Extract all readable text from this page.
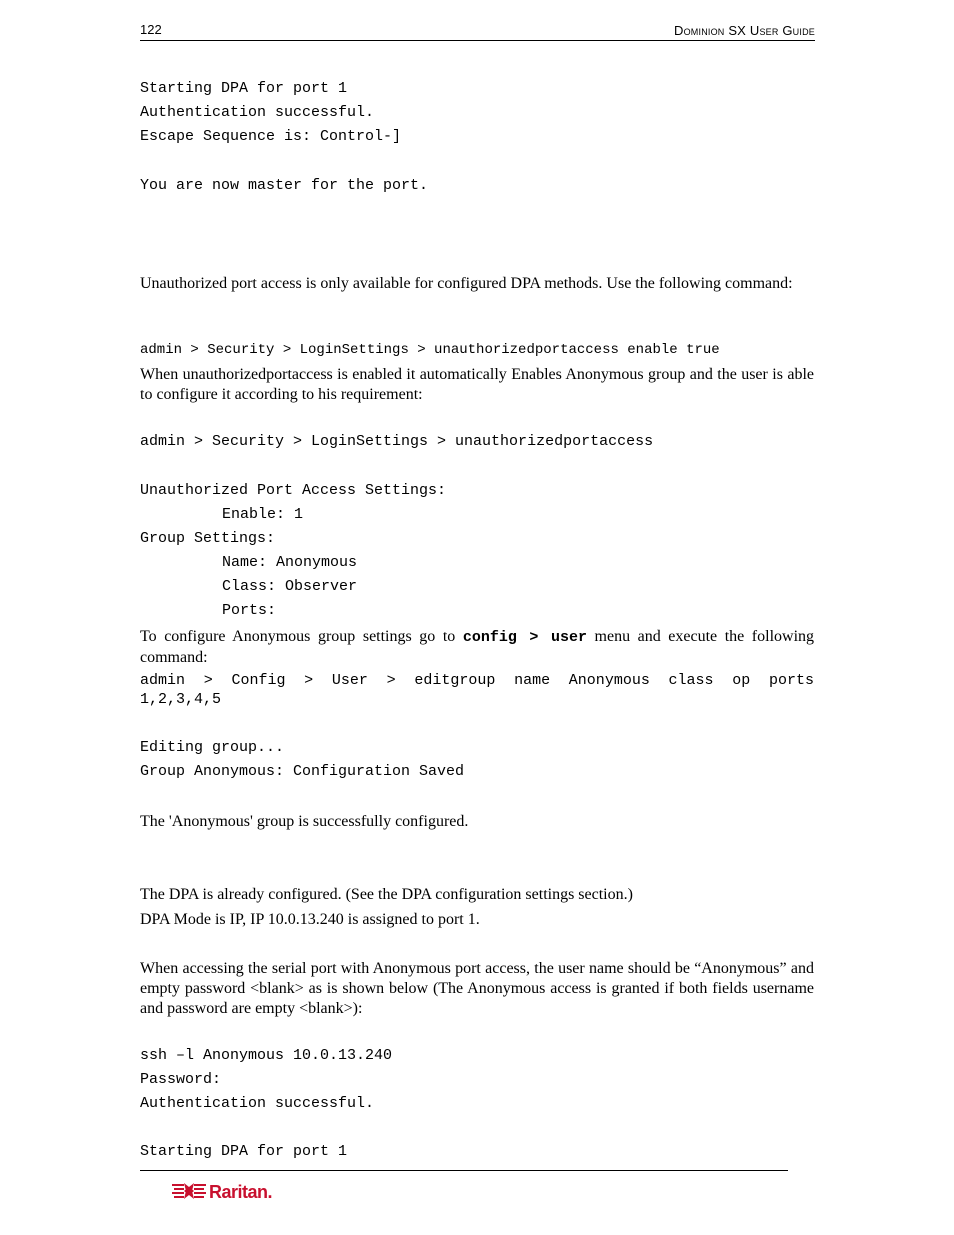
122	Dominion SX User Guide
Starting DPA for port 1
Authentication successful.
Escape Sequence is: Control-]
You are now master for the port.
Unauthorized port access is only available for configured DPA methods. Use the following command:
admin > Security > LoginSettings > unauthorizedportaccess enable true
When unauthorizedportaccess is enabled it automatically Enables Anonymous group and the user is able to configure it according to his requirement:
admin > Security > LoginSettings > unauthorizedportaccess
Unauthorized Port Access Settings:
Enable: 1
Group Settings:
Name: Anonymous
Class: Observer
Ports:
To configure Anonymous group settings go to config > user menu and execute the following command:
admin > Config > User > editgroup name Anonymous class op ports
1,2,3,4,5
Editing group...
Group Anonymous: Configuration Saved
The 'Anonymous' group is successfully configured.
The DPA is already configured. (See the DPA configuration settings section.)
DPA Mode is IP, IP 10.0.13.240 is assigned to port 1.
When accessing the serial port with Anonymous port access, the user name should be “Anonymous” and empty password <blank> as is shown below (The Anonymous access is granted if both fields username and password are empty <blank>):
ssh –l Anonymous 10.0.13.240
Password:
Authentication successful.
Starting DPA for port 1
Raritan.
